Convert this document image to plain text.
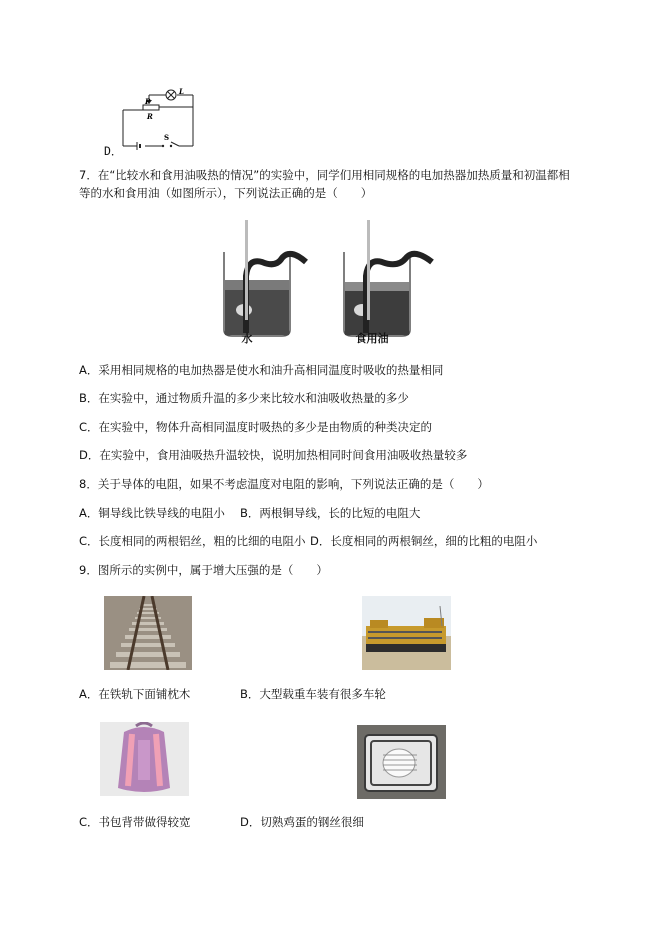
D．
P
R
L
S
7．在“比较水和食用油吸热的情况”的实验中，同学们用相同规格的电加热器加热质量和初温都相
等的水和食用油（如图所示），下列说法正确的是（　　）
水	食用油
A．采用相同规格的电加热器是使水和油升高相同温度时吸收的热量相同
B．在实验中，通过物质升温的多少来比较水和油吸收热量的多少
C．在实验中，物体升高相同温度时吸热的多少是由物质的种类决定的
D．在实验中，食用油吸热升温较快，说明加热相同时间食用油吸收热量较多
8．关于导体的电阻，如果不考虑温度对电阻的影响，下列说法正确的是（　　）
A．铜导线比铁导线的电阻小 B．两根铜导线，长的比短的电阻大
C．长度相同的两根铝丝，粗的比细的电阻小 D．长度相同的两根铜丝，细的比粗的电阻小
9．图所示的实例中，属于增大压强的是（　　）
A．在铁轨下面铺枕木	B．大型载重车装有很多车轮
C．书包背带做得较宽	D．切熟鸡蛋的钢丝很细
